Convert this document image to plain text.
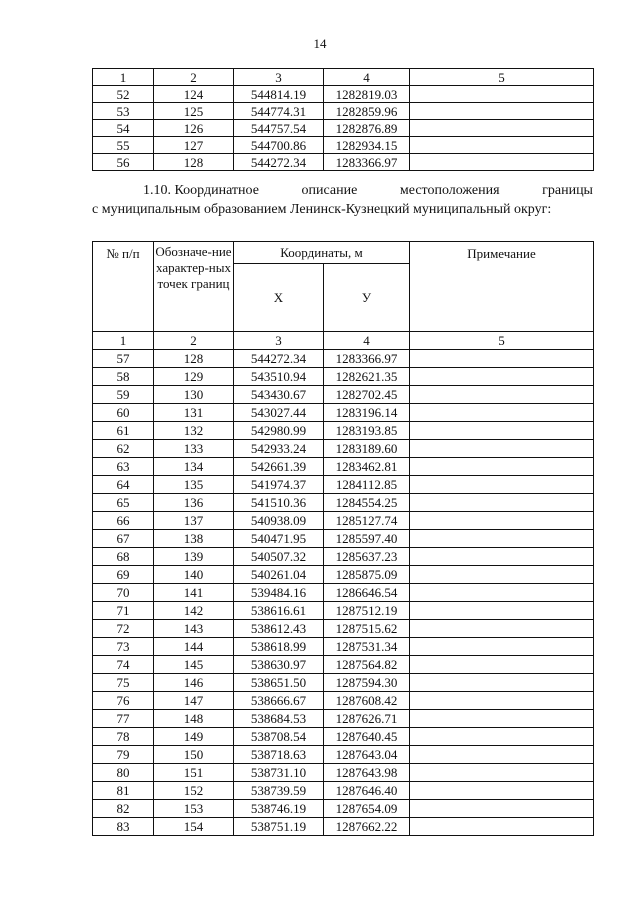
14
1	2	3	4	5
52	124	544814.19	1282819.03	
53	125	544774.31	1282859.96	
54	126	544757.54	1282876.89	
55	127	544700.86	1282934.15	
56	128	544272.34	1283366.97	
1.10. Координатное	описание	местоположения	границы
с муниципальным образованием Ленинск-Кузнецкий муниципальный округ:
№ п/п	Обозначе-ние характер-ных точек границ	Координаты, м		Примечание
		Х	У	
1	2	3	4	5
57	128	544272.34	1283366.97	
58	129	543510.94	1282621.35	
59	130	543430.67	1282702.45	
60	131	543027.44	1283196.14	
61	132	542980.99	1283193.85	
62	133	542933.24	1283189.60	
63	134	542661.39	1283462.81	
64	135	541974.37	1284112.85	
65	136	541510.36	1284554.25	
66	137	540938.09	1285127.74	
67	138	540471.95	1285597.40	
68	139	540507.32	1285637.23	
69	140	540261.04	1285875.09	
70	141	539484.16	1286646.54	
71	142	538616.61	1287512.19	
72	143	538612.43	1287515.62	
73	144	538618.99	1287531.34	
74	145	538630.97	1287564.82	
75	146	538651.50	1287594.30	
76	147	538666.67	1287608.42	
77	148	538684.53	1287626.71	
78	149	538708.54	1287640.45	
79	150	538718.63	1287643.04	
80	151	538731.10	1287643.98	
81	152	538739.59	1287646.40	
82	153	538746.19	1287654.09	
83	154	538751.19	1287662.22	
